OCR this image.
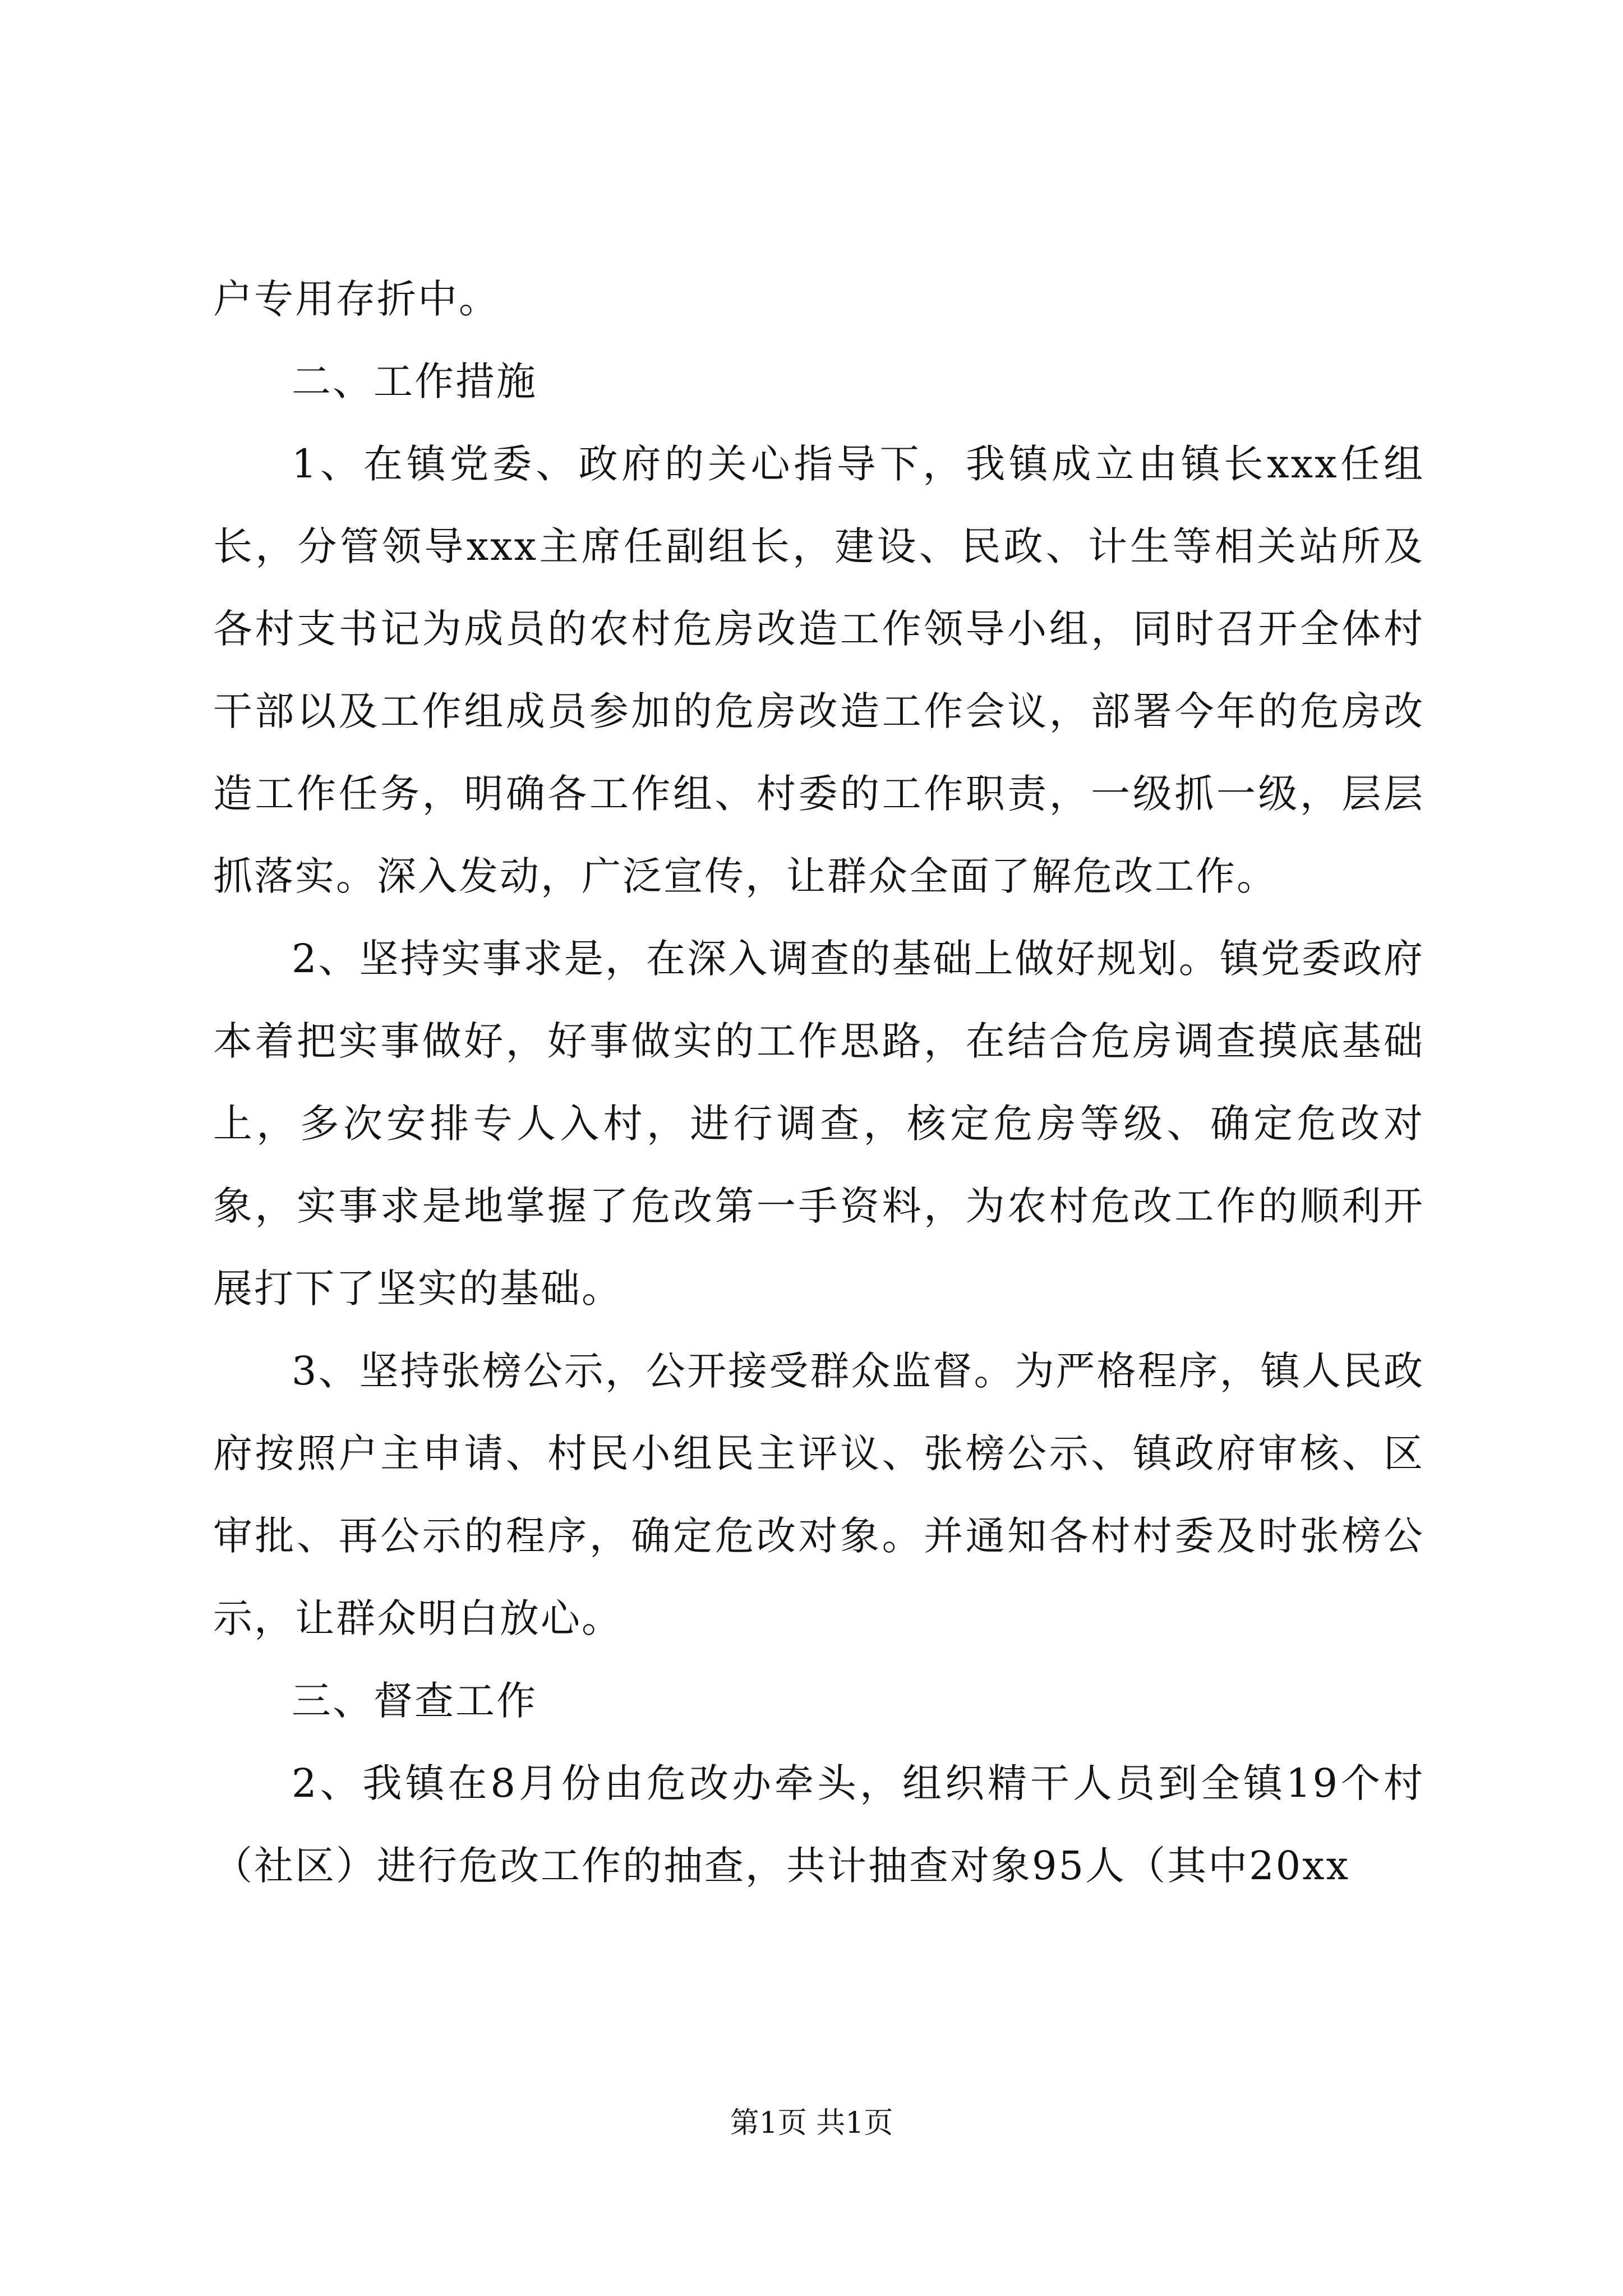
户专用存折中。

二、工作措施

1、在镇党委、政府的关心指导下，我镇成立由镇长xxx任组长，分管领导xxx主席任副组长，建设、民政、计生等相关站所及各村支书记为成员的农村危房改造工作领导小组，同时召开全体村干部以及工作组成员参加的危房改造工作会议，部署今年的危房改造工作任务，明确各工作组、村委的工作职责，一级抓一级，层层抓落实。深入发动，广泛宣传，让群众全面了解危改工作。

2、坚持实事求是，在深入调查的基础上做好规划。镇党委政府本着把实事做好，好事做实的工作思路，在结合危房调查摸底基础上，多次安排专人入村，进行调查，核定危房等级、确定危改对象，实事求是地掌握了危改第一手资料，为农村危改工作的顺利开展打下了坚实的基础。

3、坚持张榜公示，公开接受群众监督。为严格程序，镇人民政府按照户主申请、村民小组民主评议、张榜公示、镇政府审核、区审批、再公示的程序，确定危改对象。并通知各村村委及时张榜公示，让群众明白放心。

三、督查工作

2、我镇在8月份由危改办牵头，组织精干人员到全镇19个村（社区）进行危改工作的抽查，共计抽查对象95人（其中20xx

第1页 共1页
